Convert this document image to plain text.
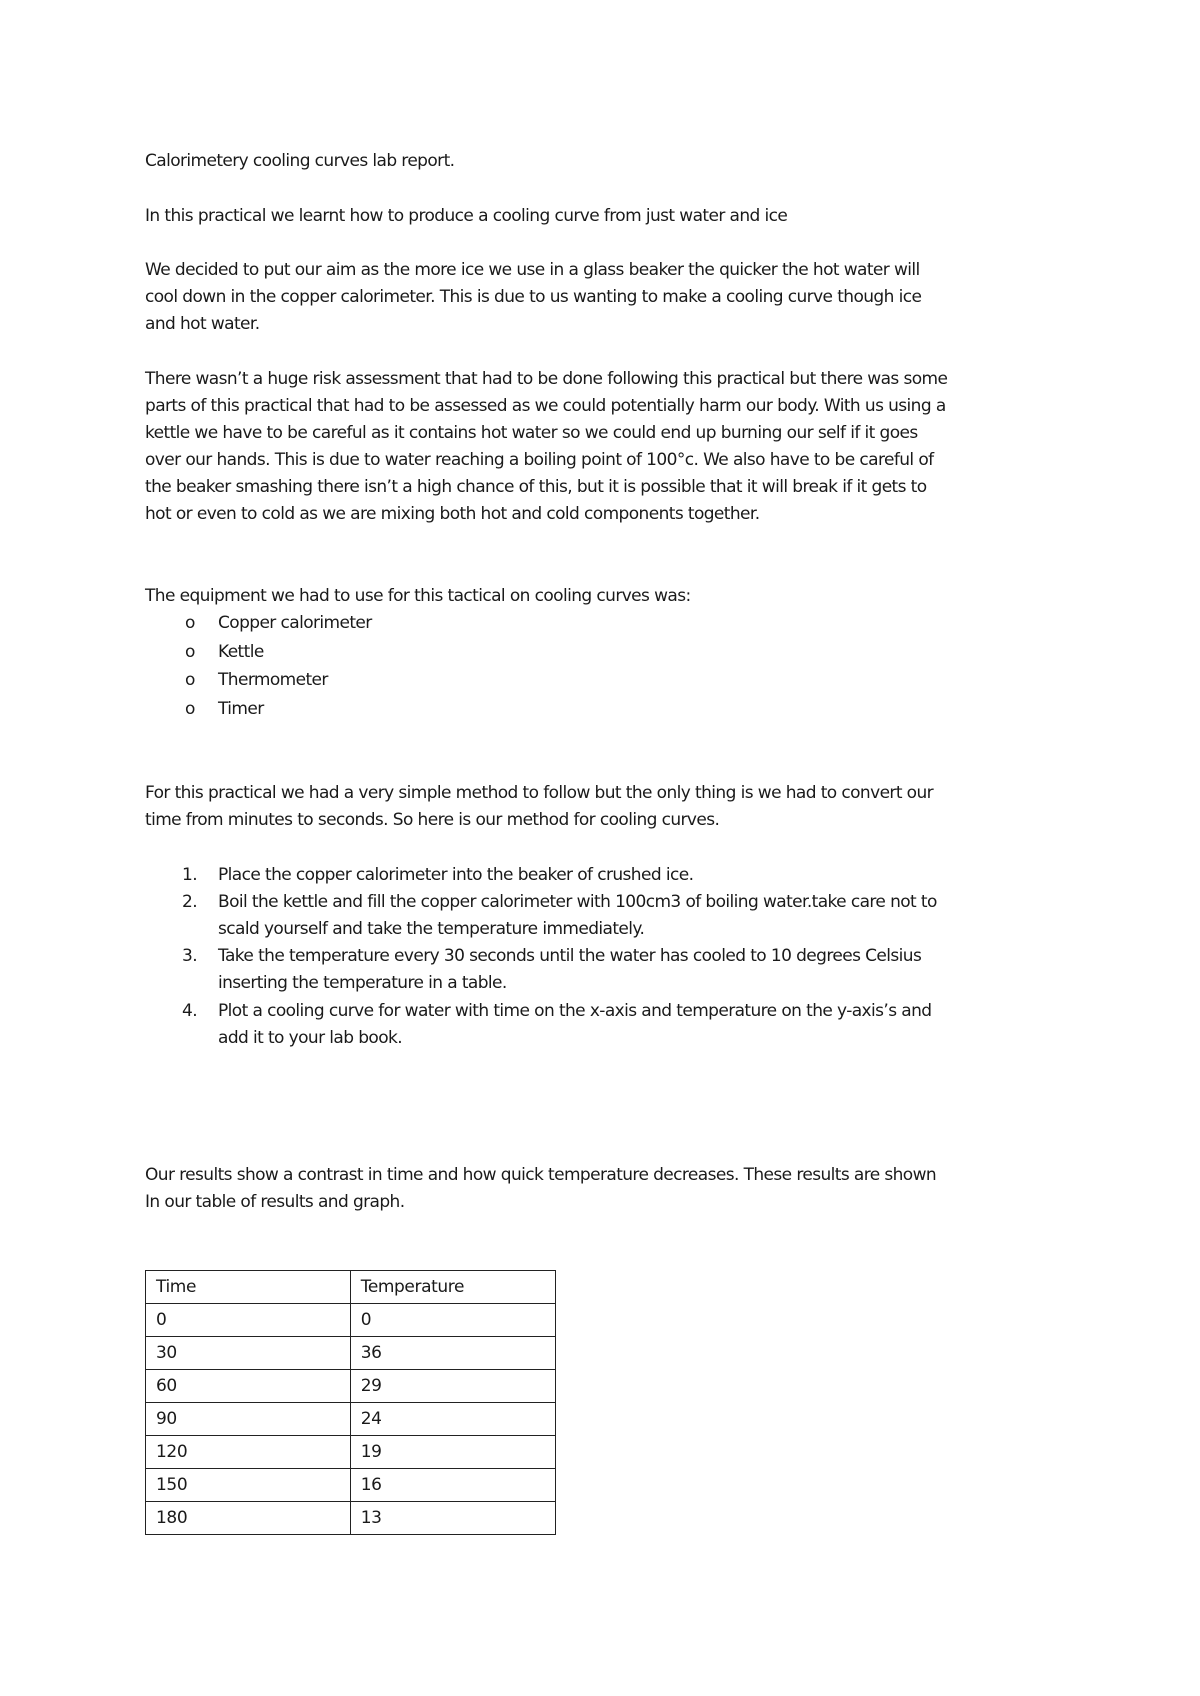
Calorimetery cooling curves lab report.
In this practical we learnt how to produce a cooling curve from just water and ice
We decided to put our aim as the more ice we use in a glass beaker the quicker the hot water will
cool down in the copper calorimeter. This is due to us wanting to make a cooling curve though ice
and hot water.
There wasn’t a huge risk assessment that had to be done following this practical but there was some
parts of this practical that had to be assessed as we could potentially harm our body. With us using a
kettle we have to be careful as it contains hot water so we could end up burning our self if it goes
over our hands. This is due to water reaching a boiling point of 100°c. We also have to be careful of
the beaker smashing there isn’t a high chance of this, but it is possible that it will break if it gets to
hot or even to cold as we are mixing both hot and cold components together.
The equipment we had to use for this tactical on cooling curves was:
o Copper calorimeter
o Kettle
o Thermometer
o Timer
For this practical we had a very simple method to follow but the only thing is we had to convert our
time from minutes to seconds. So here is our method for cooling curves.
1. Place the copper calorimeter into the beaker of crushed ice.
2. Boil the kettle and fill the copper calorimeter with 100cm3 of boiling water.take care not to
scald yourself and take the temperature immediately.
3. Take the temperature every 30 seconds until the water has cooled to 10 degrees Celsius
inserting the temperature in a table.
4. Plot a cooling curve for water with time on the x-axis and temperature on the y-axis’s and
add it to your lab book.
Our results show a contrast in time and how quick temperature decreases. These results are shown
In our table of results and graph.
Time	Temperature
0	0
30	36
60	29
90	24
120	19
150	16
180	13
